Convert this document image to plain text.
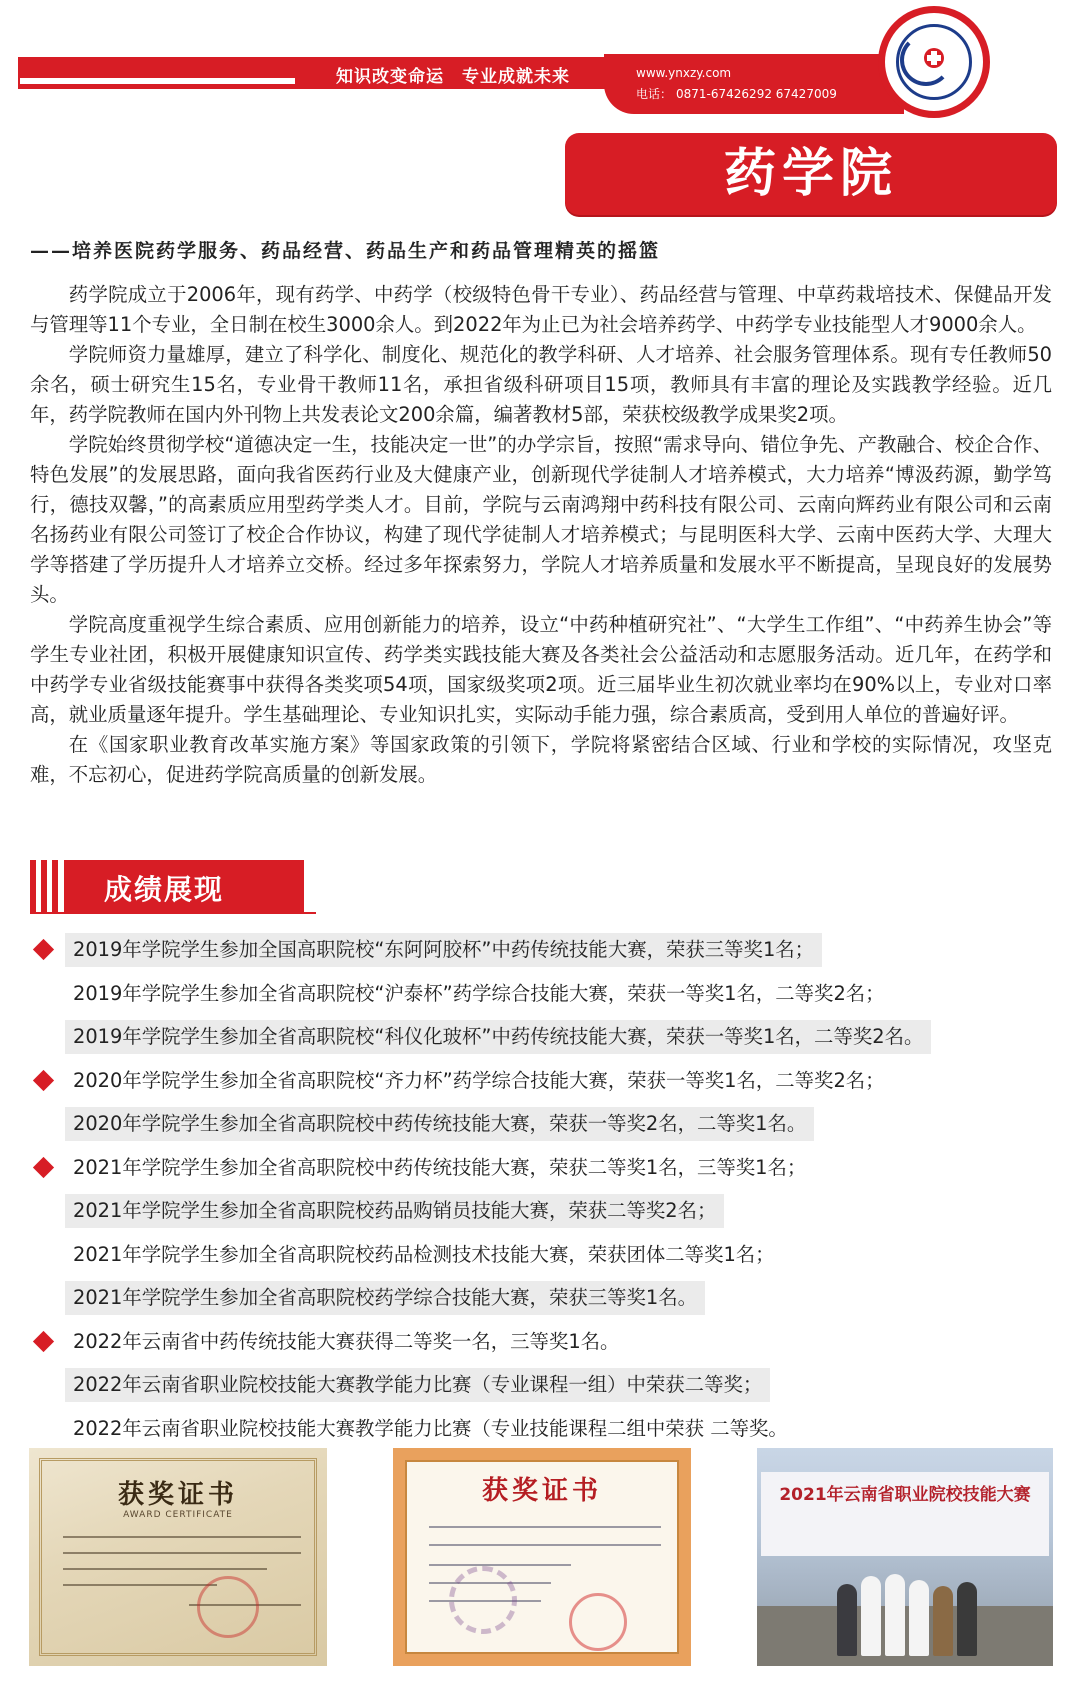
知识改变命运　专业成就未来	www.ynxzy.com
电话： 0871-67426292 67427009
药学院
——培养医院药学服务、药品经营、药品生产和药品管理精英的摇篮

药学院成立于2006年，现有药学、中药学（校级特色骨干专业）、药品经营与管理、中草药栽培技术、保健品开发与管理等11个专业，全日制在校生3000余人。到2022年为止已为社会培养药学、中药学专业技能型人才9000余人。

学院师资力量雄厚，建立了科学化、制度化、规范化的教学科研、人才培养、社会服务管理体系。现有专任教师50余名，硕士研究生15名，专业骨干教师11名，承担省级科研项目15项，教师具有丰富的理论及实践教学经验。近几年，药学院教师在国内外刊物上共发表论文200余篇，编著教材5部，荣获校级教学成果奖2项。

学院始终贯彻学校“道德决定一生，技能决定一世”的办学宗旨，按照“需求导向、错位争先、产教融合、校企合作、特色发展”的发展思路，面向我省医药行业及大健康产业，创新现代学徒制人才培养模式，大力培养“博汲药源，勤学笃行，德技双馨，”的高素质应用型药学类人才。目前，学院与云南鸿翔中药科技有限公司、云南向辉药业有限公司和云南名扬药业有限公司签订了校企合作协议，构建了现代学徒制人才培养模式；与昆明医科大学、云南中医药大学、大理大学等搭建了学历提升人才培养立交桥。经过多年探索努力，学院人才培养质量和发展水平不断提高，呈现良好的发展势头。

学院高度重视学生综合素质、应用创新能力的培养，设立“中药种植研究社”、“大学生工作组”、“中药养生协会”等学生专业社团，积极开展健康知识宣传、药学类实践技能大赛及各类社会公益活动和志愿服务活动。近几年，在药学和中药学专业省级技能赛事中获得各类奖项54项，国家级奖项2项。近三届毕业生初次就业率均在90%以上，专业对口率高，就业质量逐年提升。学生基础理论、专业知识扎实，实际动手能力强，综合素质高，受到用人单位的普遍好评。

在《国家职业教育改革实施方案》等国家政策的引领下，学院将紧密结合区域、行业和学校的实际情况，攻坚克难，不忘初心，促进药学院高质量的创新发展。

成绩展现
2019年学院学生参加全国高职院校“东阿阿胶杯”中药传统技能大赛，荣获三等奖1名；
2019年学院学生参加全省高职院校“沪泰杯”药学综合技能大赛，荣获一等奖1名，二等奖2名；
2019年学院学生参加全省高职院校“科仪化玻杯”中药传统技能大赛，荣获一等奖1名，二等奖2名。
2020年学院学生参加全省高职院校“齐力杯”药学综合技能大赛，荣获一等奖1名，二等奖2名；
2020年学院学生参加全省高职院校中药传统技能大赛，荣获一等奖2名，二等奖1名。
2021年学院学生参加全省高职院校中药传统技能大赛，荣获二等奖1名，三等奖1名；
2021年学院学生参加全省高职院校药品购销员技能大赛，荣获二等奖2名；
2021年学院学生参加全省高职院校药品检测技术技能大赛，荣获团体二等奖1名；
2021年学院学生参加全省高职院校药学综合技能大赛，荣获三等奖1名。
2022年云南省中药传统技能大赛获得二等奖一名，三等奖1名。
2022年云南省职业院校技能大赛教学能力比赛（专业课程一组）中荣获二等奖；
2022年云南省职业院校技能大赛教学能力比赛（专业技能课程二组中荣获 二等奖。
获奖证书
AWARD CERTIFICATE
获奖证书	2021年云南省职业院校技能大赛
